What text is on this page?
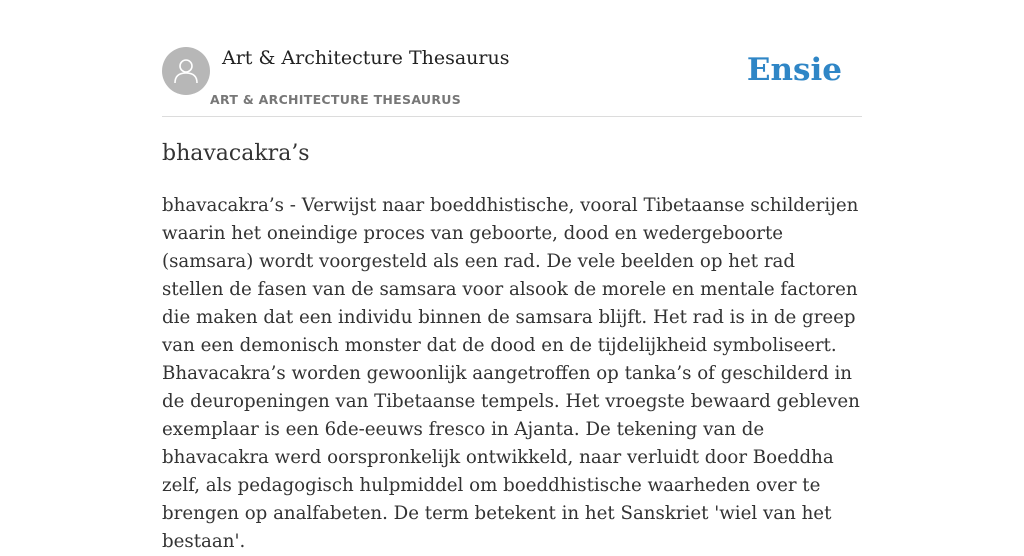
Art & Architecture Thesaurus
ART & ARCHITECTURE THESAURUS
Ensie
bhavacakra’s

bhavacakra’s - Verwijst naar boeddhistische, vooral Tibetaanse schilderijen waarin het oneindige proces van geboorte, dood en wedergeboorte (samsara) wordt voorgesteld als een rad. De vele beelden op het rad stellen de fasen van de samsara voor alsook de morele en mentale factoren die maken dat een individu binnen de samsara blijft. Het rad is in de greep van een demonisch monster dat de dood en de tijdelijkheid symboliseert. Bhavacakra’s worden gewoonlijk aangetroffen op tanka’s of geschilderd in de deuropeningen van Tibetaanse tempels. Het vroegste bewaard gebleven exemplaar is een 6de-eeuws fresco in Ajanta. De tekening van de bhavacakra werd oorspronkelijk ontwikkeld, naar verluidt door Boeddha zelf, als pedagogisch hulpmiddel om boeddhistische waarheden over te brengen op analfabeten. De term betekent in het Sanskriet 'wiel van het bestaan'.
